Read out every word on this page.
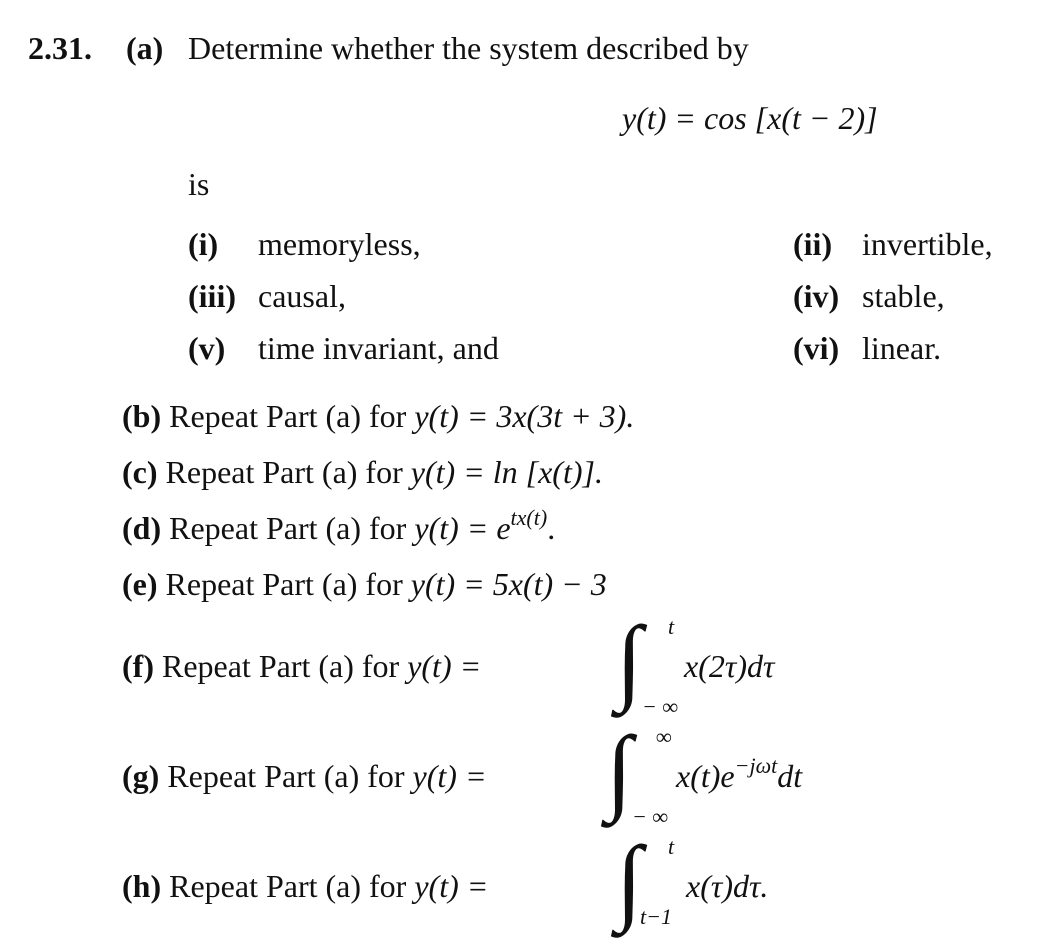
2.31. (a) Determine whether the system described by
y(t) = cos [x(t − 2)]
is
(i) memoryless,	(ii) invertible,
(iii) causal,	(iv) stable,
(v) time invariant, and	(vi) linear.
(b) Repeat Part (a) for y(t) = 3x(3t + 3).
(c) Repeat Part (a) for y(t) = ln [x(t)].
(d) Repeat Part (a) for $y(t) = e^{tx(t)}$.
(e) Repeat Part (a) for y(t) = 5x(t) − 3
(f) Repeat Part (a) for y(t) = ∫ t
− ∞
x(2τ)dτ
(g) Repeat Part (a) for y(t) = ∫ ∞
− ∞
$x(t)e^{-j\omega t}dt$
(h) Repeat Part (a) for y(t) = ∫ t
t−1
x(τ)dτ.
